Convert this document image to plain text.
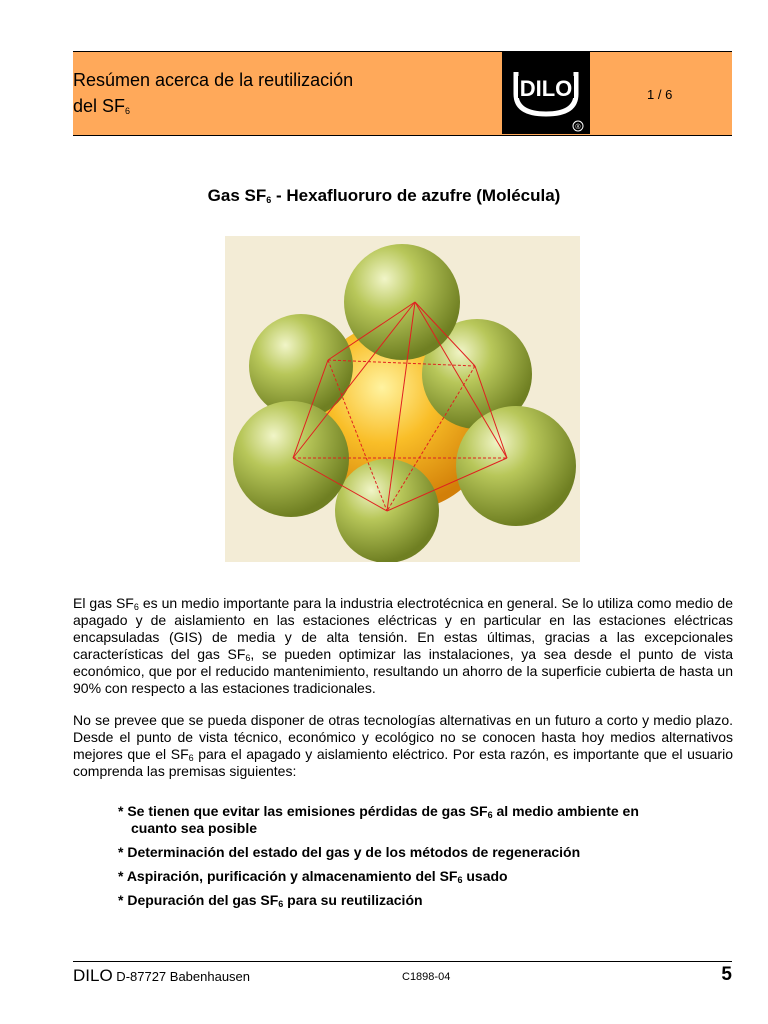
Resúmen acerca de la reutilización
del $SF_6$
DILO
®
1 / 6
Gas $SF_6$ - Hexafluoruro de azufre (Molécula)

El gas $SF_6$ es un medio importante para la industria electrotécnica en general. Se lo utiliza como medio de apagado y de aislamiento en las estaciones eléctricas y en particular en las estaciones eléctricas encapsuladas (GIS) de media y de alta tensión. En estas últimas, gracias a las excepcionales características del gas $SF_6$, se pueden optimizar las instalaciones, ya sea desde el punto de vista económico, que por el reducido mantenimiento, resultando un ahorro de la superficie cubierta de hasta un 90% con respecto a las estaciones tradicionales.

No se prevee que se pueda disponer de otras tecnologías alternativas en un futuro a corto y medio plazo. Desde el punto de vista técnico, económico y ecológico no se conocen hasta hoy medios alternativos mejores que el $SF_6$ para el apagado y aislamiento eléctrico. Por esta razón, es importante que el usuario comprenda las premisas siguientes:

* Se tienen que evitar las emisiones pérdidas de gas $SF_6$ al medio ambiente en
cuanto sea posible
* Determinación del estado del gas y de los métodos de regeneración
* Aspiración, purificación y almacenamiento del $SF_6$ usado
* Depuración del gas $SF_6$ para su reutilización
DILO D-87727 Babenhausen	C1898-04	5
